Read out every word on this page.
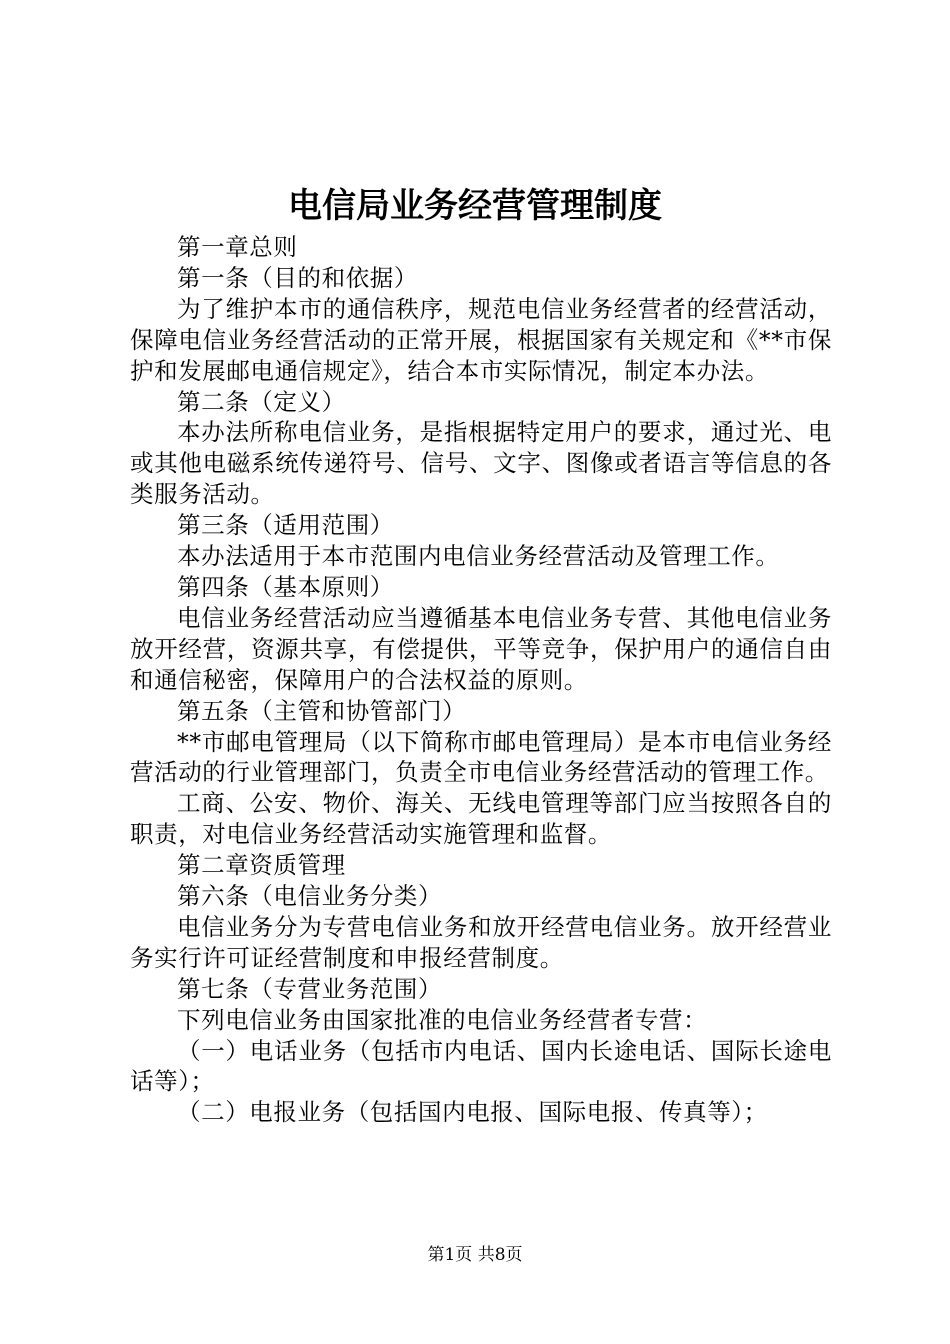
电信局业务经营管理制度

第一章总则

第一条（目的和依据）

为了维护本市的通信秩序，规范电信业务经营者的经营活动，保障电信业务经营活动的正常开展，根据国家有关规定和《**市保护和发展邮电通信规定》，结合本市实际情况，制定本办法。

第二条（定义）

本办法所称电信业务，是指根据特定用户的要求，通过光、电或其他电磁系统传递符号、信号、文字、图像或者语言等信息的各类服务活动。

第三条（适用范围）

本办法适用于本市范围内电信业务经营活动及管理工作。

第四条（基本原则）

电信业务经营活动应当遵循基本电信业务专营、其他电信业务放开经营，资源共享，有偿提供，平等竞争，保护用户的通信自由和通信秘密，保障用户的合法权益的原则。

第五条（主管和协管部门）

**市邮电管理局（以下简称市邮电管理局）是本市电信业务经营活动的行业管理部门，负责全市电信业务经营活动的管理工作。

工商、公安、物价、海关、无线电管理等部门应当按照各自的职责，对电信业务经营活动实施管理和监督。

第二章资质管理

第六条（电信业务分类）

电信业务分为专营电信业务和放开经营电信业务。放开经营业务实行许可证经营制度和申报经营制度。

第七条（专营业务范围）

下列电信业务由国家批准的电信业务经营者专营：

（一）电话业务（包括市内电话、国内长途电话、国际长途电话等）；

（二）电报业务（包括国内电报、国际电报、传真等）；

第1页 共8页
